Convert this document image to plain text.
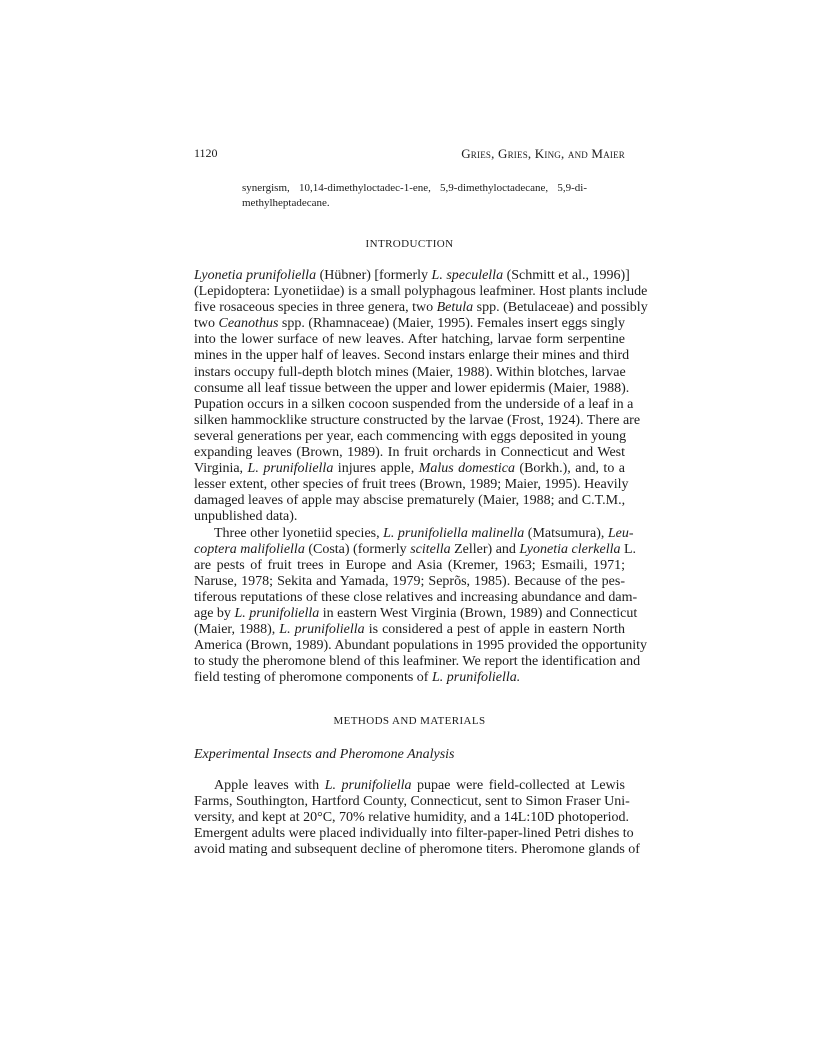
1120	Gries, Gries, King, and Maier
synergism, 10,14-dimethyloctadec-1-ene, 5,9-dimethyloctadecane, 5,9-di-
methylheptadecane.
INTRODUCTION
Lyonetia prunifoliella (Hübner) [formerly L. speculella (Schmitt et al., 1996)]
(Lepidoptera: Lyonetiidae) is a small polyphagous leafminer. Host plants include
five rosaceous species in three genera, two Betula spp. (Betulaceae) and possibly
two Ceanothus spp. (Rhamnaceae) (Maier, 1995). Females insert eggs singly
into the lower surface of new leaves. After hatching, larvae form serpentine
mines in the upper half of leaves. Second instars enlarge their mines and third
instars occupy full-depth blotch mines (Maier, 1988). Within blotches, larvae
consume all leaf tissue between the upper and lower epidermis (Maier, 1988).
Pupation occurs in a silken cocoon suspended from the underside of a leaf in a
silken hammocklike structure constructed by the larvae (Frost, 1924). There are
several generations per year, each commencing with eggs deposited in young
expanding leaves (Brown, 1989). In fruit orchards in Connecticut and West
Virginia, L. prunifoliella injures apple, Malus domestica (Borkh.), and, to a
lesser extent, other species of fruit trees (Brown, 1989; Maier, 1995). Heavily
damaged leaves of apple may abscise prematurely (Maier, 1988; and C.T.M.,
unpublished data).
Three other lyonetiid species, L. prunifoliella malinella (Matsumura), Leu-
coptera malifoliella (Costa) (formerly scitella Zeller) and Lyonetia clerkella L.
are pests of fruit trees in Europe and Asia (Kremer, 1963; Esmaili, 1971;
Naruse, 1978; Sekita and Yamada, 1979; Seprõs, 1985). Because of the pes-
tiferous reputations of these close relatives and increasing abundance and dam-
age by L. prunifoliella in eastern West Virginia (Brown, 1989) and Connecticut
(Maier, 1988), L. prunifoliella is considered a pest of apple in eastern North
America (Brown, 1989). Abundant populations in 1995 provided the opportunity
to study the pheromone blend of this leafminer. We report the identification and
field testing of pheromone components of L. prunifoliella.
METHODS AND MATERIALS
Experimental Insects and Pheromone Analysis
Apple leaves with L. prunifoliella pupae were field-collected at Lewis
Farms, Southington, Hartford County, Connecticut, sent to Simon Fraser Uni-
versity, and kept at 20°C, 70% relative humidity, and a 14L:10D photoperiod.
Emergent adults were placed individually into filter-paper-lined Petri dishes to
avoid mating and subsequent decline of pheromone titers. Pheromone glands of
